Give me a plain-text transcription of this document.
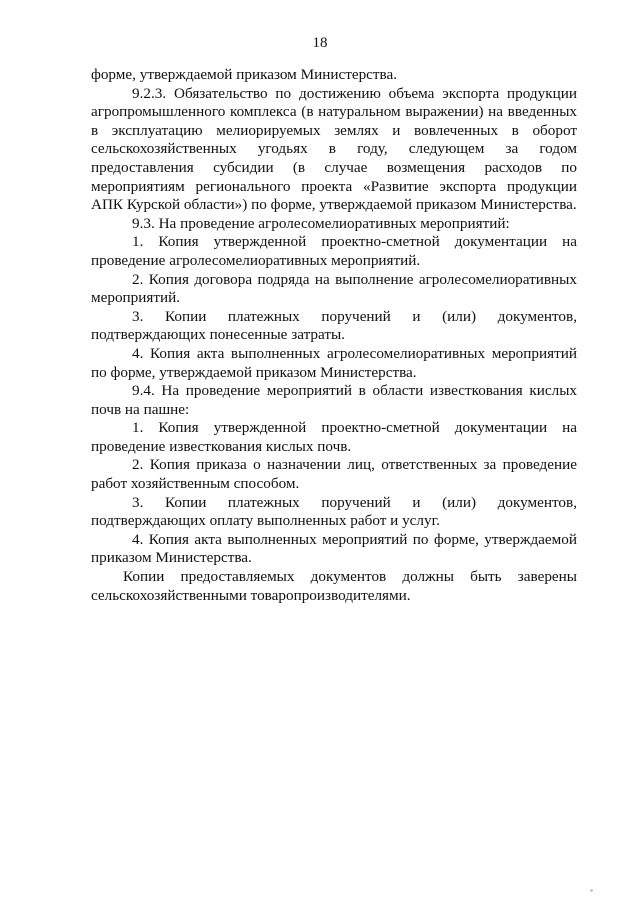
18

форме, утверждаемой приказом Министерства.

9.2.3. Обязательство по достижению объема экспорта продукции агропромышленного комплекса (в натуральном выражении) на введенных в эксплуатацию мелиорируемых землях и вовлеченных в оборот сельскохозяйственных угодьях в году, следующем за годом предоставления субсидии (в случае возмещения расходов по мероприятиям регионального проекта «Развитие экспорта продукции АПК Курской области») по форме, утверждаемой приказом Министерства.

9.3. На проведение агролесомелиоративных мероприятий:

1. Копия утвержденной проектно-сметной документации на проведение агролесомелиоративных мероприятий.

2. Копия договора подряда на выполнение агролесомелиоративных мероприятий.

3. Копии платежных поручений и (или) документов, подтверждающих понесенные затраты.

4. Копия акта выполненных агролесомелиоративных мероприятий по форме, утверждаемой приказом Министерства.

9.4. На проведение мероприятий в области известкования кислых почв на пашне:

1. Копия утвержденной проектно-сметной документации на проведение известкования кислых почв.

2. Копия приказа о назначении лиц, ответственных за проведение работ хозяйственным способом.

3. Копии платежных поручений и (или) документов, подтверждающих оплату выполненных работ и услуг.

4. Копия акта выполненных мероприятий по форме, утверждаемой приказом Министерства.

Копии предоставляемых документов должны быть заверены сельскохозяйственными товаропроизводителями.
